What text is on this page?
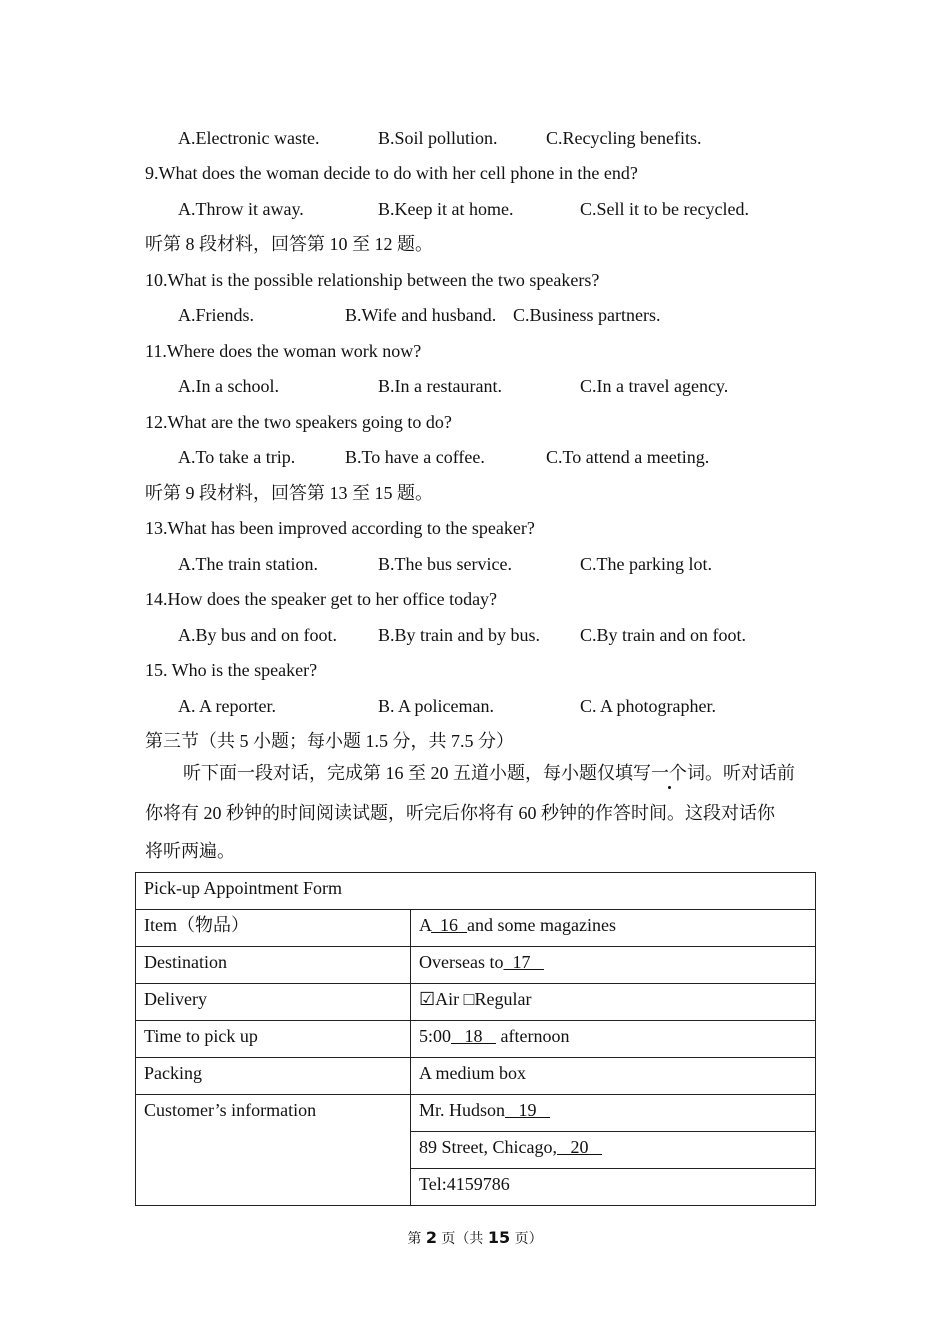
A.Electronic waste.	B.Soil pollution.	C.Recycling benefits.
9.What does the woman decide to do with her cell phone in the end?
A.Throw it away.	B.Keep it at home.	C.Sell it to be recycled.
听第 8 段材料，回答第 10 至 12 题。
10.What is the possible relationship between the two speakers?
A.Friends.	B.Wife and husband. C.Business partners.
11.Where does the woman work now?
A.In a school.	B.In a restaurant.	C.In a travel agency.
12.What are the two speakers going to do?
A.To take a trip.	B.To have a coffee.	C.To attend a meeting.
听第 9 段材料，回答第 13 至 15 题。
13.What has been improved according to the speaker?
A.The train station.	B.The bus service.	C.The parking lot.
14.How does the speaker get to her office today?
A.By bus and on foot. B.By train and by bus. C.By train and on foot.
15. Who is the speaker?
A. A reporter.	B. A policeman.	C. A photographer.
第三节（共 5 小题；每小题 1.5 分，共 7.5 分）
听下面一段对话，完成第 16 至 20 五道小题，每小题仅填写一个词。听对话前
你将有 20 秒钟的时间阅读试题，听完后你将有 60 秒钟的作答时间。这段对话你
将听两遍。
Pick-up Appointment Form	
Item（物品）	A  16  and some magazines
Destination	Overseas to  17
Delivery	☑Air □Regular
Time to pick up	5:00   18    afternoon
Packing	A medium box
Customer’s information	Mr. Hudson   19
	89 Street, Chicago,   20
	Tel:4159786
第 2 页（共 15 页）
